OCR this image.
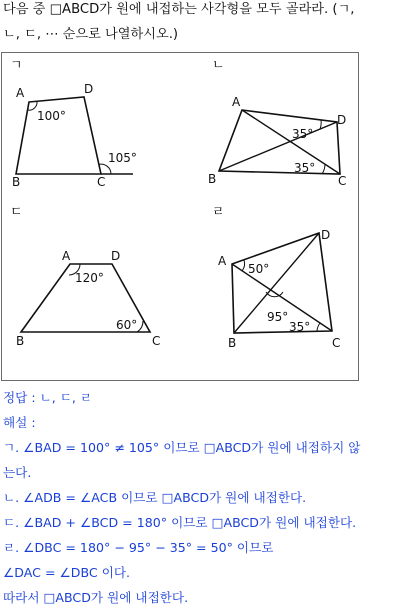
다음 중 □ABCD가 원에 내접하는 사각형을 모두 골라라. (ㄱ,
ㄴ, ㄷ, ⋯ 순으로 나열하시오.)
ㄱ
A	D
B	C
100°
105°
ㄴ
A
D
B	C
35°
35°
ㄷ
A	D
B	C
120°
60°
ㄹ
A
D
B	C
50°
95°
35°
정답 : ㄴ, ㄷ, ㄹ
해설 :
ㄱ. ∠BAD = 100° ≠ 105° 이므로 □ABCD가 원에 내접하지 않
는다.
ㄴ. ∠ADB = ∠ACB 이므로 □ABCD가 원에 내접한다.
ㄷ. ∠BAD + ∠BCD = 180° 이므로 □ABCD가 원에 내접한다.
ㄹ. ∠DBC = 180° − 95° − 35° = 50° 이므로
∠DAC = ∠DBC 이다.
따라서 □ABCD가 원에 내접한다.
